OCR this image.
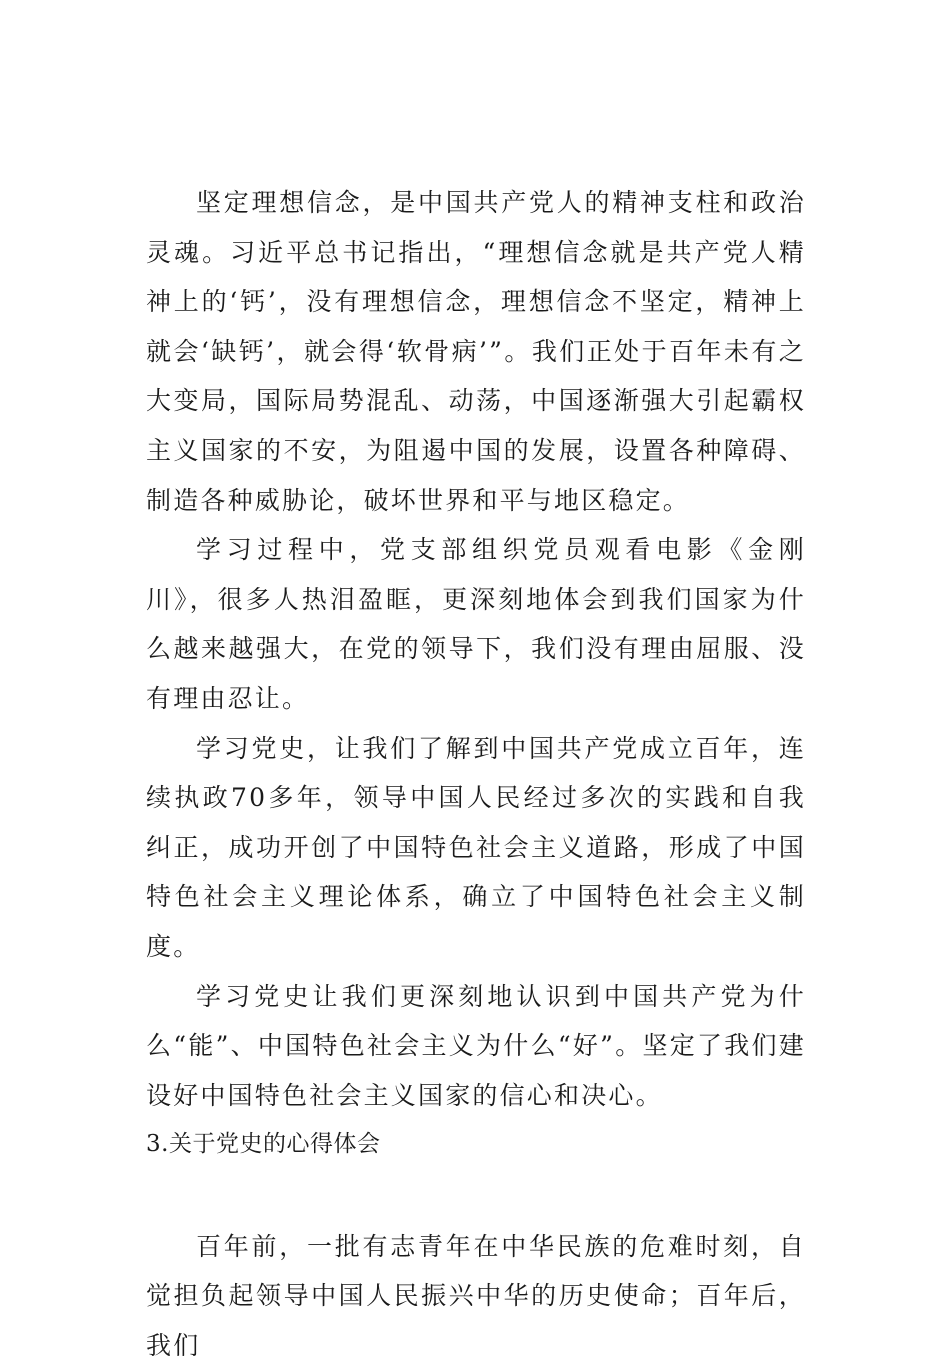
坚定理想信念，是中国共产党人的精神支柱和政治灵魂。习近平总书记指出，“理想信念就是共产党人精神上的‘钙’，没有理想信念，理想信念不坚定，精神上就会‘缺钙’，就会得‘软骨病’”。我们正处于百年未有之大变局，国际局势混乱、动荡，中国逐渐强大引起霸权主义国家的不安，为阻遏中国的发展，设置各种障碍、制造各种威胁论，破坏世界和平与地区稳定。

学习过程中，党支部组织党员观看电影《金刚川》，很多人热泪盈眶，更深刻地体会到我们国家为什么越来越强大，在党的领导下，我们没有理由屈服、没有理由忍让。

学习党史，让我们了解到中国共产党成立百年，连续执政70多年，领导中国人民经过多次的实践和自我纠正，成功开创了中国特色社会主义道路，形成了中国特色社会主义理论体系，确立了中国特色社会主义制度。

学习党史让我们更深刻地认识到中国共产党为什么“能”、中国特色社会主义为什么“好”。坚定了我们建设好中国特色社会主义国家的信心和决心。

3.关于党史的心得体会

百年前，一批有志青年在中华民族的危难时刻，自觉担负起领导中国人民振兴中华的历史使命；百年后，我们
